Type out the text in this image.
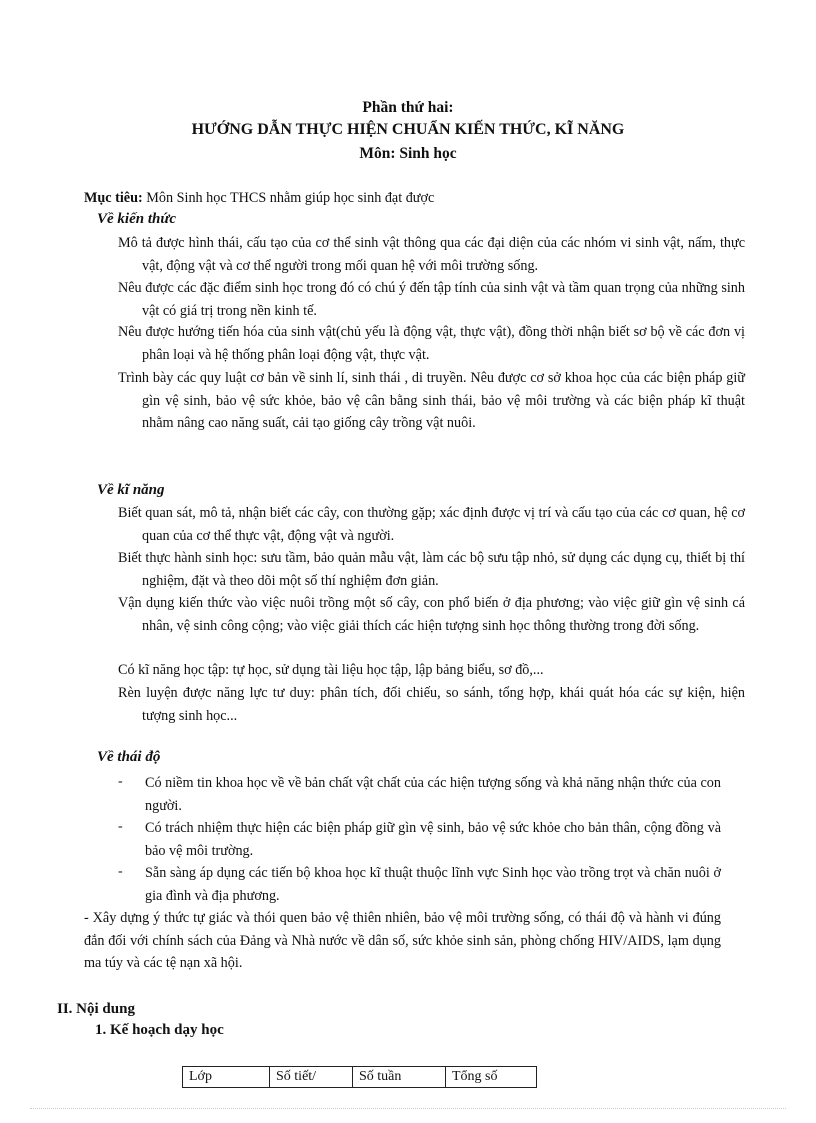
Phần thứ hai:
HƯỚNG DẪN THỰC HIỆN CHUẨN KIẾN THỨC, KĨ NĂNG
Môn: Sinh học
Mục tiêu: Môn Sinh học THCS nhằm giúp học sinh đạt được
Về kiến thức
Mô tả được hình thái, cấu tạo của cơ thể sinh vật thông qua các đại diện của các nhóm vi sinh vật, nấm, thực vật, động vật và cơ thể người trong mối quan hệ với môi trường sống.
Nêu được các đặc điểm sinh học trong đó có chú ý đến tập tính của sinh vật và tầm quan trọng của những sinh vật có giá trị trong nền kinh tế.
Nêu được hướng tiến hóa của sinh vật(chủ yếu là động vật, thực vật), đồng thời nhận biết sơ bộ về các đơn vị phân loại và hệ thống phân loại động vật, thực vật.
Trình bày các quy luật cơ bản về sinh lí, sinh thái , di truyền. Nêu được cơ sở khoa học của các biện pháp giữ gìn vệ sinh, bảo vệ sức khỏe, bảo vệ cân bằng sinh thái, bảo vệ môi trường và các biện pháp kĩ thuật nhằm nâng cao năng suất, cải tạo giống cây trồng vật nuôi.
Về kĩ năng
Biết quan sát, mô tả, nhận biết các cây, con thường gặp; xác định được vị trí và cấu tạo của các cơ quan, hệ cơ quan của cơ thể thực vật, động vật và người.
Biết thực hành sinh học: sưu tầm, bảo quản mẫu vật, làm các bộ sưu tập nhỏ, sử dụng các dụng cụ, thiết bị thí nghiệm, đặt và theo dõi một số thí nghiệm đơn giản.
Vận dụng kiến thức vào việc nuôi trồng một số cây, con phổ biến ở địa phương; vào việc giữ gìn vệ sinh cá nhân, vệ sinh công cộng; vào việc giải thích các hiện tượng sinh học thông thường trong đời sống.
Có kĩ năng học tập: tự học, sử dụng tài liệu học tập, lập bảng biểu, sơ đồ,...
Rèn luyện được năng lực tư duy: phân tích, đối chiếu, so sánh, tổng hợp, khái quát hóa các sự kiện, hiện tượng sinh học...
Về thái độ
- Có niềm tin khoa học về về bản chất vật chất của các hiện tượng sống và khả năng nhận thức của con người.
- Có trách nhiệm thực hiện các biện pháp giữ gìn vệ sinh, bảo vệ sức khỏe cho bản thân, cộng đồng và bảo vệ môi trường.
- Sẵn sàng áp dụng các tiến bộ khoa học kĩ thuật thuộc lĩnh vực Sinh học vào trồng trọt và chăn nuôi ở gia đình và địa phương.
- Xây dựng ý thức tự giác và thói quen bảo vệ thiên nhiên, bảo vệ môi trường sống, có thái độ và hành vi đúng đắn đối với chính sách của Đảng và Nhà nước về dân số, sức khỏe sinh sản, phòng chống HIV/AIDS, lạm dụng ma túy và các tệ nạn xã hội.
II. Nội dung
1. Kế hoạch dạy học
Lớp	Số tiết/	Số tuần	Tổng số
